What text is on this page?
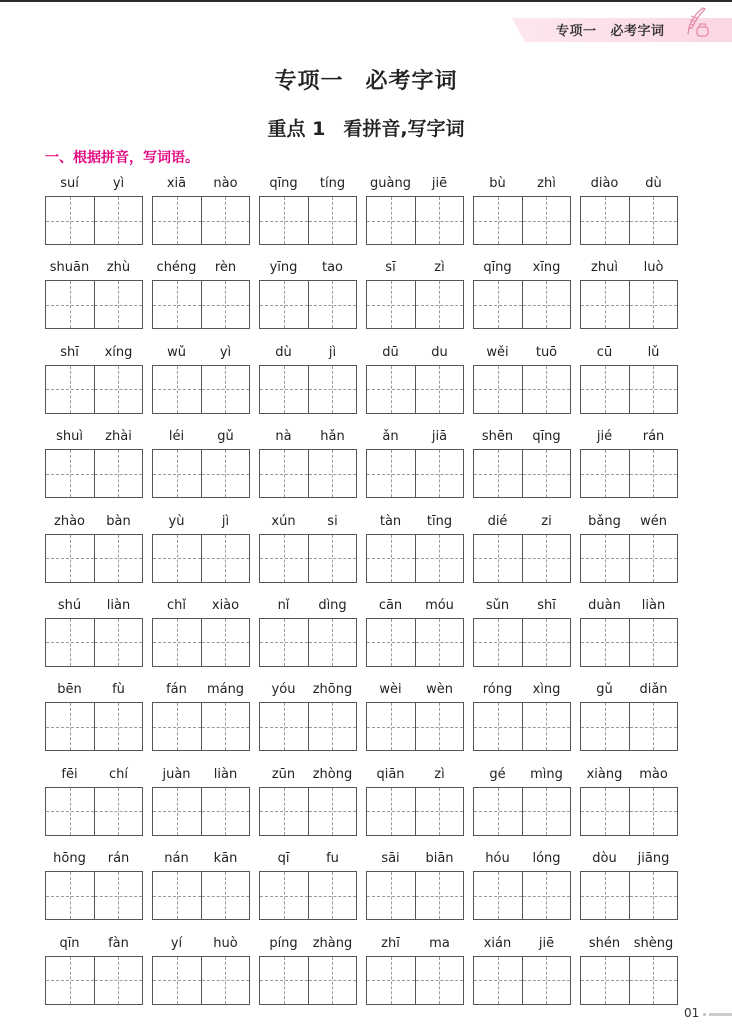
专项一 必考字词
专项一 必考字词
重点 1 看拼音,写字词
一、根据拼音，写词语。
suí	yì	xiā	nào	qīng	tíng	guàng	jiē	bù	zhì	diào	dù
shuān	zhù	chéng	rèn	yīng	tao	sī	zì	qīng	xīng	zhuì	luò
shī	xíng	wǔ	yì	dù	jì	dū	du	wěi	tuō	cū	lǔ
shuì	zhài	léi	gǔ	nà	hǎn	ǎn	jiā	shēn	qīng	jié	rán
zhào	bàn	yù	jì	xún	si	tàn	tīng	dié	zi	bǎng	wén
shú	liàn	chǐ	xiào	nǐ	dìng	cān	móu	sǔn	shī	duàn	liàn
bēn	fù	fán	máng	yóu	zhōng	wèi	wèn	róng	xìng	gǔ	diǎn
fēi	chí	juàn	liàn	zūn	zhòng	qiān	zì	gé	mìng	xiàng	mào
hōng	rán	nán	kān	qī	fu	sāi	biān	hóu	lóng	dòu	jiāng
qīn	fàn	yí	huò	píng	zhàng	zhī	ma	xián	jiē	shén	shèng
01
